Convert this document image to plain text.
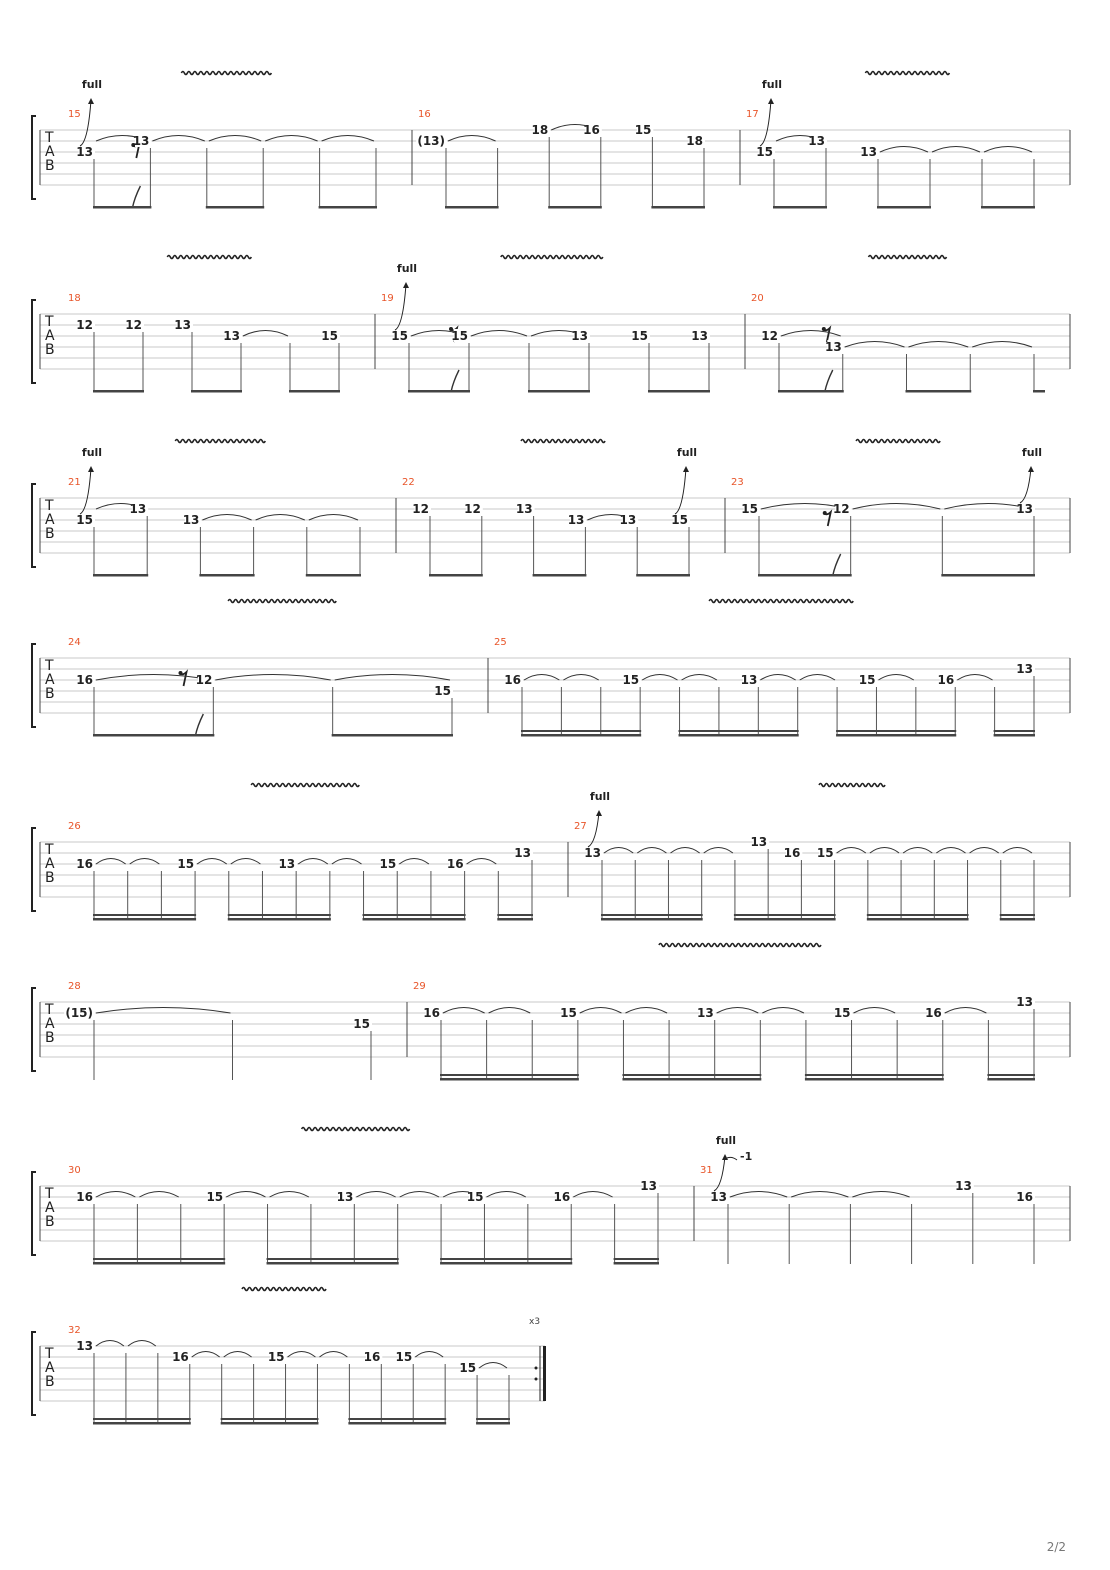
T
A
B
15
13
full
13
16
(13)
18	16	15
18
17
15
full
13
13
T
A
B
18
12	12	13
13	15
19
15
full
15	13	15	13
20
12
13
T
A
B
21
15
full
13
13
22
12	12	13
13	13	15
full
23
15	12	13
full
T
A
B
24
16	12
15
25
16	15	13	15	16
13
T
A
B
26
16	15	13	15	16
13
27
13
full
13
16 15
T
A
B
28
(15)
15
29
16	15	13	15	16
13
T
A
B
30
16	15	13	15	16
13
31
13
full
-1
13
16
T
A
B
x3
32
13
16	15	16 15
15
2/2
